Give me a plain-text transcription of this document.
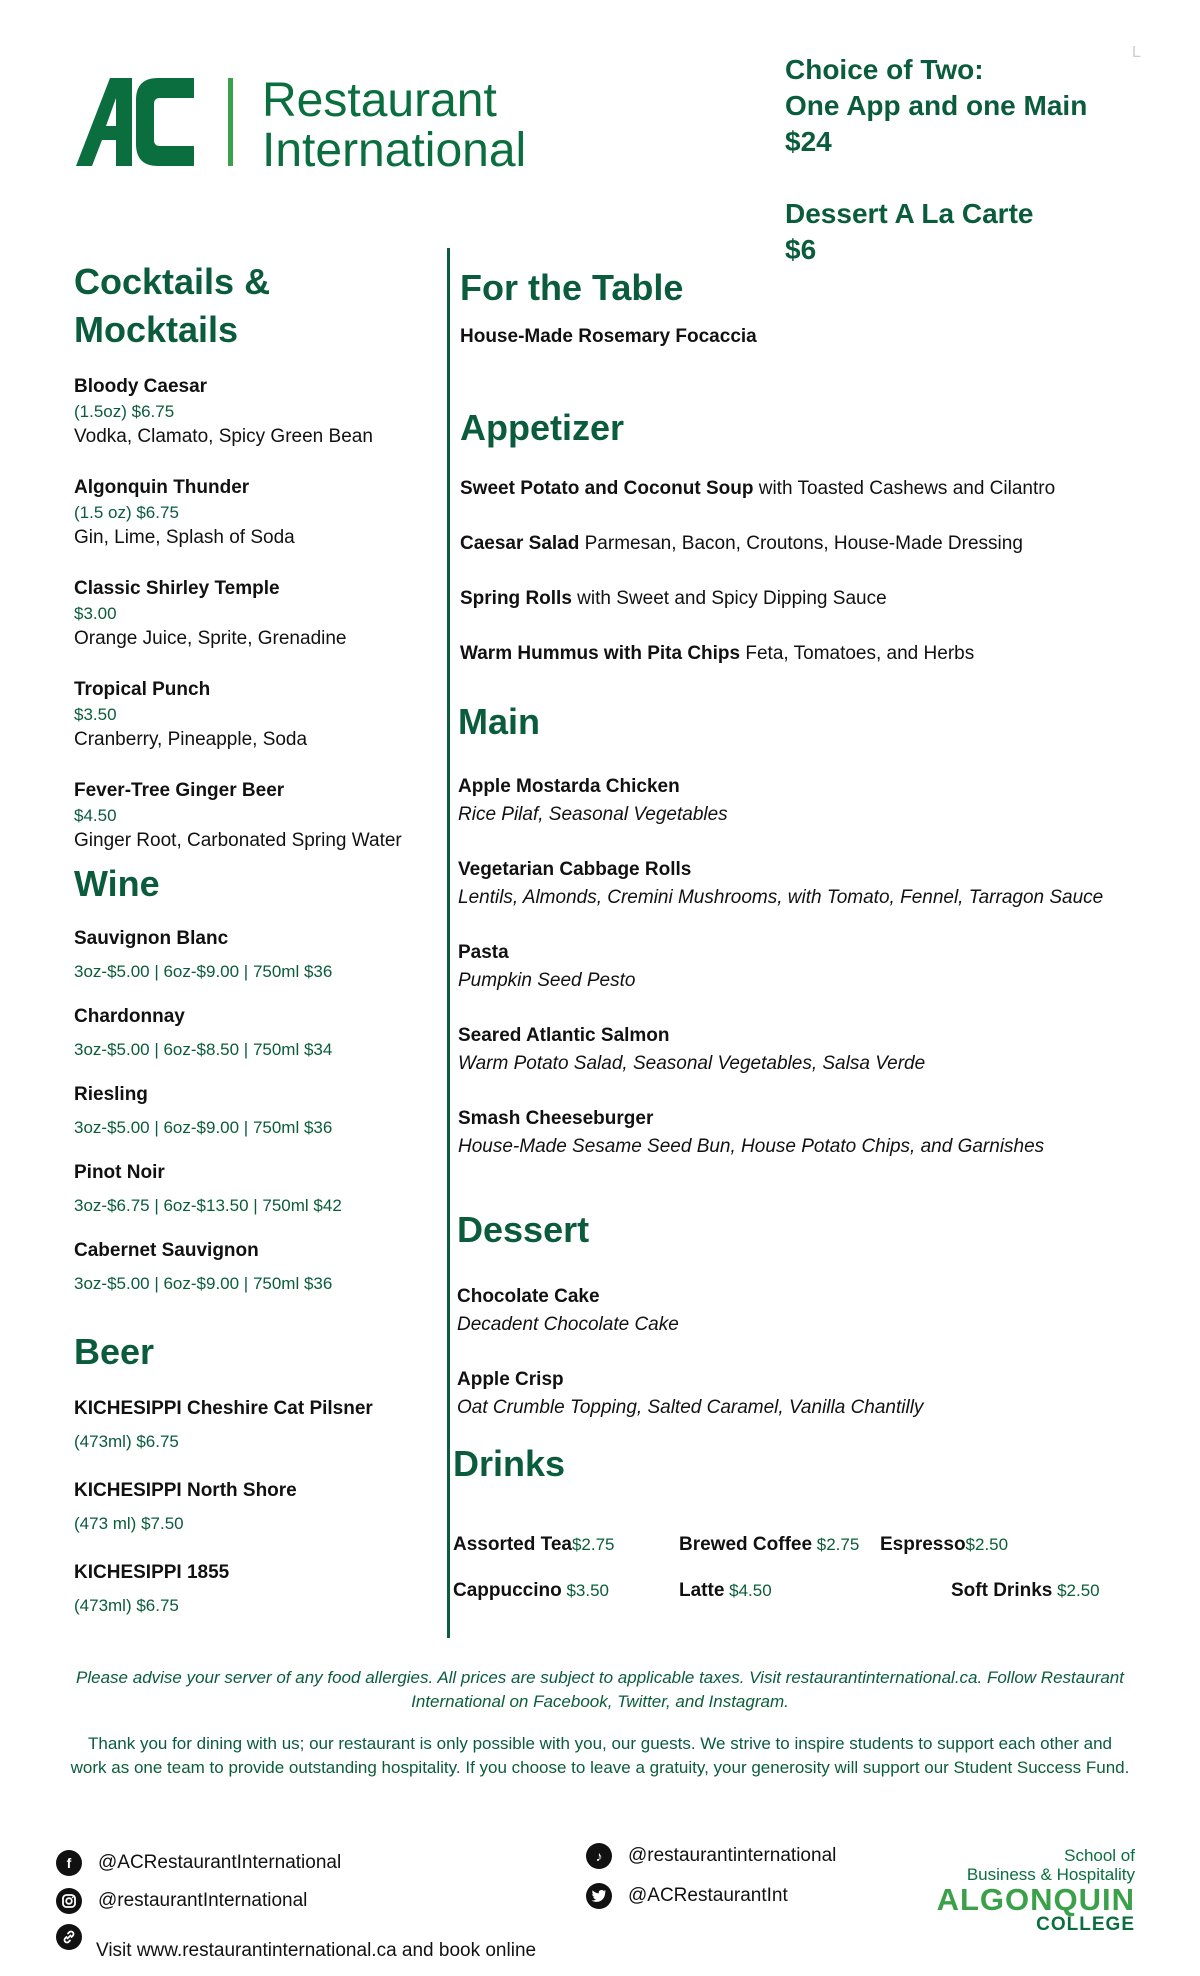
Restaurant
International
Choice of Two:
One App and one Main
$24
Dessert A La Carte
$6
L
Cocktails &
Mocktails
Bloody Caesar
(1.5oz) $6.75
Vodka, Clamato, Spicy Green Bean
Algonquin Thunder
(1.5 oz) $6.75
Gin, Lime, Splash of Soda
Classic Shirley Temple
$3.00
Orange Juice, Sprite, Grenadine
Tropical Punch
$3.50
Cranberry, Pineapple, Soda
Fever-Tree Ginger Beer
$4.50
Ginger Root, Carbonated Spring Water
Wine
Sauvignon Blanc
3oz-$5.00 | 6oz-$9.00 | 750ml $36
Chardonnay
3oz-$5.00 | 6oz-$8.50 | 750ml $34
Riesling
3oz-$5.00 | 6oz-$9.00 | 750ml $36
Pinot Noir
3oz-$6.75 | 6oz-$13.50 | 750ml $42
Cabernet Sauvignon
3oz-$5.00 | 6oz-$9.00 | 750ml $36
Beer
KICHESIPPI Cheshire Cat Pilsner
(473ml) $6.75
KICHESIPPI North Shore
(473 ml) $7.50
KICHESIPPI 1855
(473ml) $6.75
For the Table
House-Made Rosemary Focaccia
Appetizer
Sweet Potato and Coconut Soup with Toasted Cashews and Cilantro
Caesar Salad Parmesan, Bacon, Croutons, House-Made Dressing
Spring Rolls with Sweet and Spicy Dipping Sauce
Warm Hummus with Pita Chips Feta, Tomatoes, and Herbs
Main
Apple Mostarda Chicken
Rice Pilaf, Seasonal Vegetables
Vegetarian Cabbage Rolls
Lentils, Almonds, Cremini Mushrooms, with Tomato, Fennel, Tarragon Sauce
Pasta
Pumpkin Seed Pesto
Seared Atlantic Salmon
Warm Potato Salad, Seasonal Vegetables, Salsa Verde
Smash Cheeseburger
House-Made Sesame Seed Bun, House Potato Chips, and Garnishes
Dessert
Chocolate Cake
Decadent Chocolate Cake
Apple Crisp
Oat Crumble Topping, Salted Caramel, Vanilla Chantilly
Drinks
Assorted Tea$2.75	Brewed Coffee $2.75 Espresso$2.50
Cappuccino $3.50	Latte $4.50	Soft Drinks $2.50
Please advise your server of any food allergies. All prices are subject to applicable taxes. Visit restaurantinternational.ca. Follow Restaurant International on Facebook, Twitter, and Instagram.
Thank you for dining with us; our restaurant is only possible with you, our guests. We strive to inspire students to support each other and work as one team to provide outstanding hospitality. If you choose to leave a gratuity, your generosity will support our Student Success Fund.
f	@ACRestaurantInternational
@restaurantInternational
Visit www.restaurantinternational.ca and book online
♪	@restaurantinternational
@ACRestaurantInt
School of
Business & Hospitality
ALGONQUIN
COLLEGE
